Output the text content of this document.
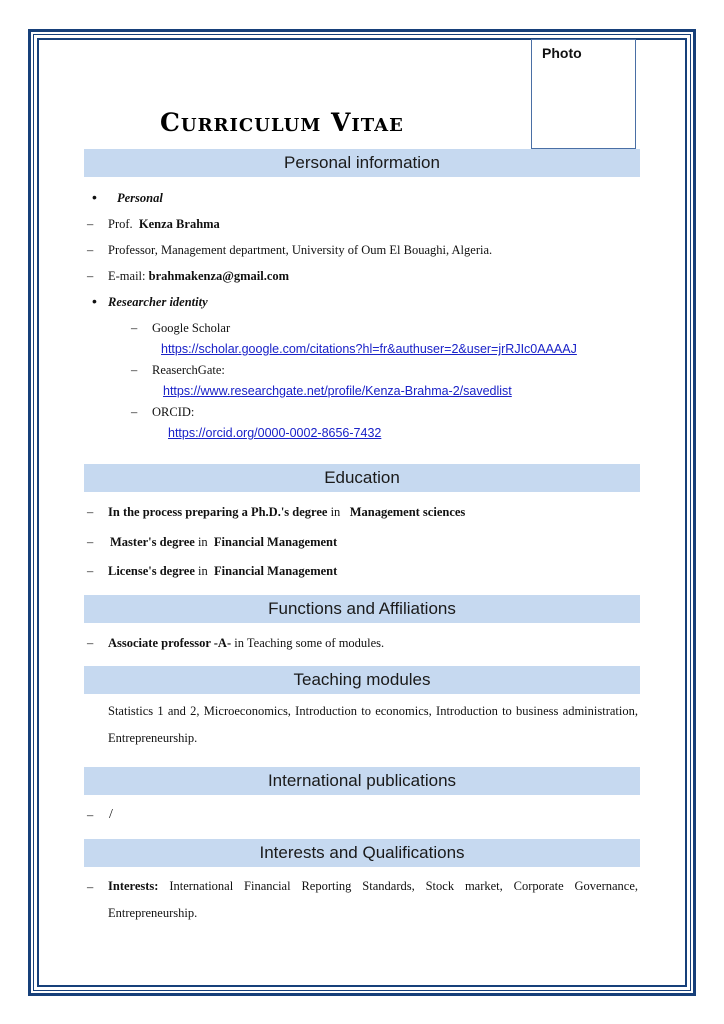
Photo
Curriculum Vitae
Personal information
• Personal
– Prof. Kenza Brahma
– Professor, Management department, University of Oum El Bouaghi, Algeria.
– E-mail: brahmakenza@gmail.com
• Researcher identity
– Google Scholar
https://scholar.google.com/citations?hl=fr&authuser=2&user=jrRJIc0AAAAJ
– ReaserchGate:
https://www.researchgate.net/profile/Kenza-Brahma-2/savedlist
– ORCID:
https://orcid.org/0000-0002-8656-7432
Education
– In the process preparing a Ph.D.'s degree in Management sciences
– Master's degree in Financial Management
– License's degree in Financial Management
Functions and Affiliations
– Associate professor -A- in Teaching some of modules.
Teaching modules
Statistics 1 and 2, Microeconomics, Introduction to economics, Introduction to business administration, Entrepreneurship.
International publications
– /
Interests and Qualifications
– Interests: International Financial Reporting Standards, Stock market, Corporate Governance, Entrepreneurship.
